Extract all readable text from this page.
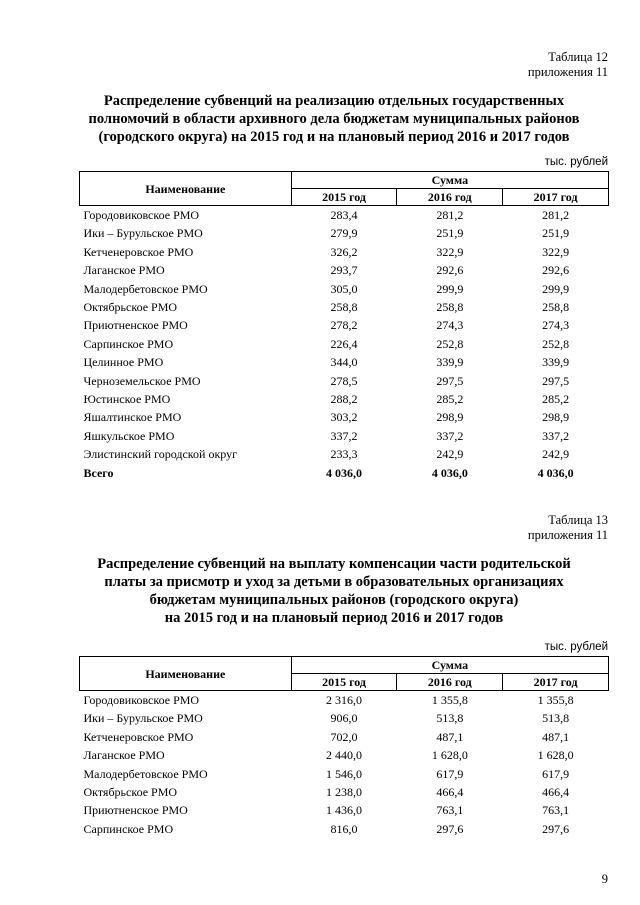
Таблица 12
приложения 11
Распределение субвенций на реализацию отдельных государственных
полномочий в области архивного дела бюджетам муниципальных районов
(городского округа) на 2015 год и на плановый период 2016 и 2017 годов
тыс. рублей
Наименование	Сумма		
	2015 год	2016 год	2017 год
Городовиковское РМО	283,4	281,2	281,2
Ики – Бурульское РМО	279,9	251,9	251,9
Кетченеровское РМО	326,2	322,9	322,9
Лаганское РМО	293,7	292,6	292,6
Малодербетовское РМО	305,0	299,9	299,9
Октябрьское РМО	258,8	258,8	258,8
Приютненское РМО	278,2	274,3	274,3
Сарпинское РМО	226,4	252,8	252,8
Целинное РМО	344,0	339,9	339,9
Черноземельское РМО	278,5	297,5	297,5
Юстинское РМО	288,2	285,2	285,2
Яшалтинское РМО	303,2	298,9	298,9
Яшкульское РМО	337,2	337,2	337,2
Элистинский городской округ	233,3	242,9	242,9
Всего	4 036,0	4 036,0	4 036,0
Таблица 13
приложения 11
Распределение субвенций на выплату компенсации части родительской
платы за присмотр и уход за детьми в образовательных организациях
бюджетам муниципальных районов (городского округа)
на 2015 год и на плановый период 2016 и 2017 годов
тыс. рублей
Наименование	Сумма		
	2015 год	2016 год	2017 год
Городовиковское РМО	2 316,0	1 355,8	1 355,8
Ики – Бурульское РМО	906,0	513,8	513,8
Кетченеровское РМО	702,0	487,1	487,1
Лаганское РМО	2 440,0	1 628,0	1 628,0
Малодербетовское РМО	1 546,0	617,9	617,9
Октябрьское РМО	1 238,0	466,4	466,4
Приютненское РМО	1 436,0	763,1	763,1
Сарпинское РМО	816,0	297,6	297,6
9
